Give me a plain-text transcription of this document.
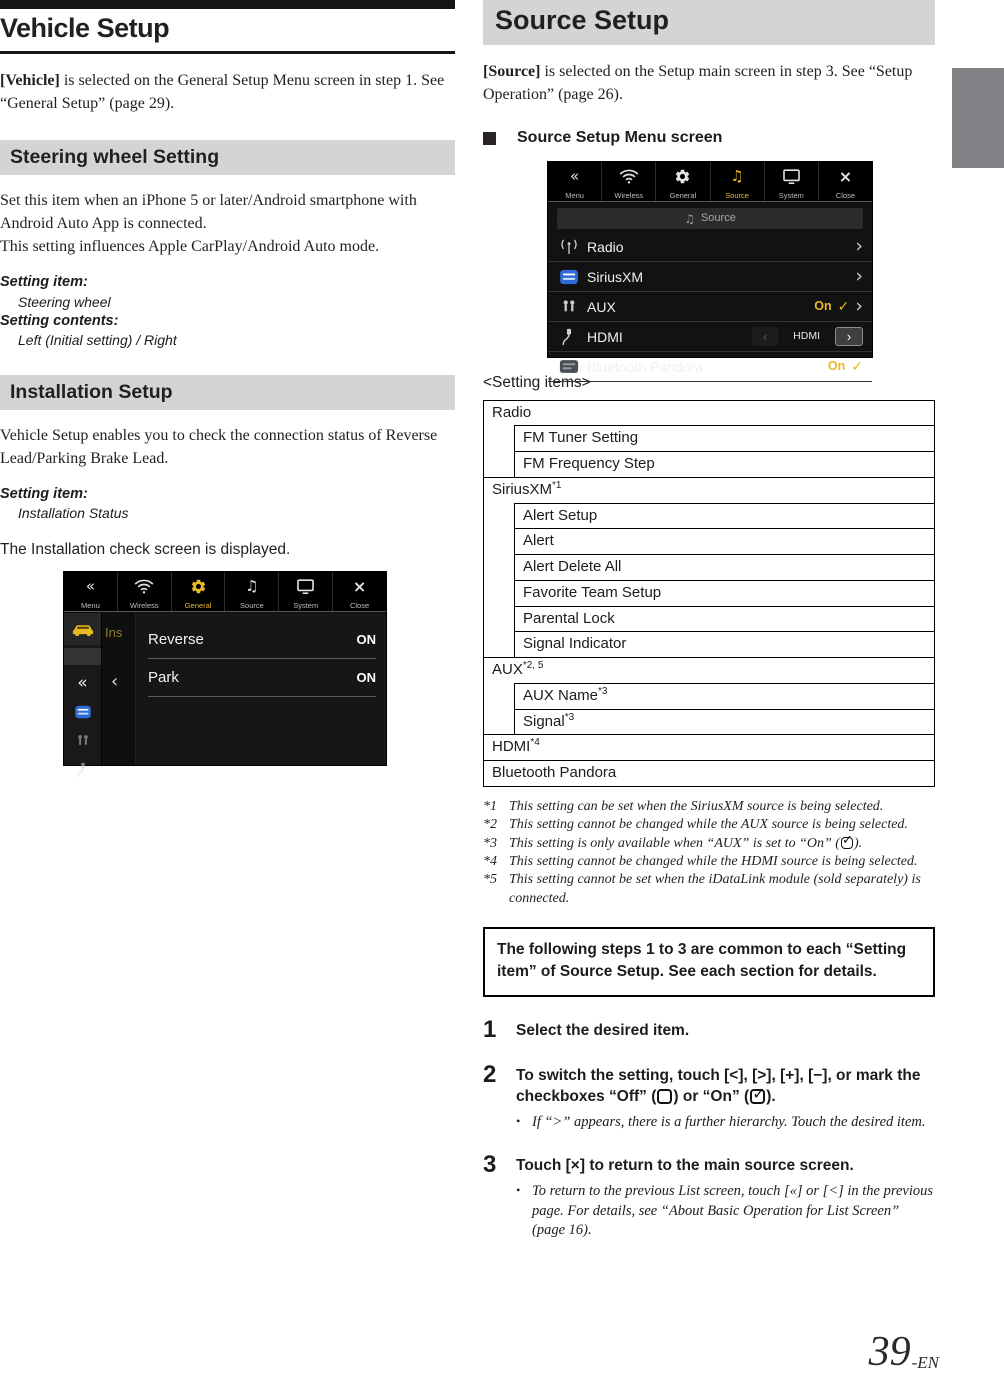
Vehicle Setup

[Vehicle] is selected on the General Setup Menu screen in step 1. See “General Setup” (page 29).

Steering wheel Setting

Set this item when an iPhone 5 or later/Android smartphone with Android Auto App is connected.

This setting influences Apple CarPlay/Android Auto mode.

Setting item:
Steering wheel
Setting contents:
Left (Initial setting) / Right
Installation Setup

Vehicle Setup enables you to check the connection status of Reverse Lead/Parking Brake Lead.

Setting item:
Installation Status

The Installation check screen is displayed.

«
Menu	Wireless	General
♫
Source	System
×
Close
«
Ins
‹
Reverse	ON
Park	ON
Source Setup

[Source] is selected on the Setup main screen in step 3. See “Setup Operation” (page 26).

Source Setup Menu screen
«
Menu	Wireless	General
♫
Source	System
×
Close
♫ Source
Radio	›
SiriusXM	›
AUX	On ✓ ›
HDMI	‹	HDMI	›
Bluetooth Pandora	On ✓
<Setting items>
Radio
FM Tuner Setting
FM Frequency Step
SiriusXM$^{*1}$
Alert Setup
Alert
Alert Delete All
Favorite Team Setup
Parental Lock
Signal Indicator
AUX$^{*2, 5}$
AUX Name$^{*3}$
Signal$^{*3}$
HDMI$^{*4}$
Bluetooth Pandora
*1 This setting can be set when the SiriusXM source is being selected.
*2 This setting cannot be changed while the AUX source is being selected.
*3 This setting is only available when “AUX” is set to “On” ( ✓ ).
*4 This setting cannot be changed while the HDMI source is being selected.
*5 This setting cannot be set when the iDataLink module (sold separately) is connected.
The following steps 1 to 3 are common to each “Setting item” of Source Setup. See each section for details.
1	Select the desired item.
2	To switch the setting, touch [<], [>], [+], [−], or mark the checkboxes “Off” ( ) or “On” ( ✓ ).
• If “>” appears, there is a further hierarchy. Touch the desired item.
3	Touch [×] to return to the main source screen.
• To return to the previous List screen, touch [«] or [<] in the previous page. For details, see “About Basic Operation for List Screen” (page 16).
39-EN
